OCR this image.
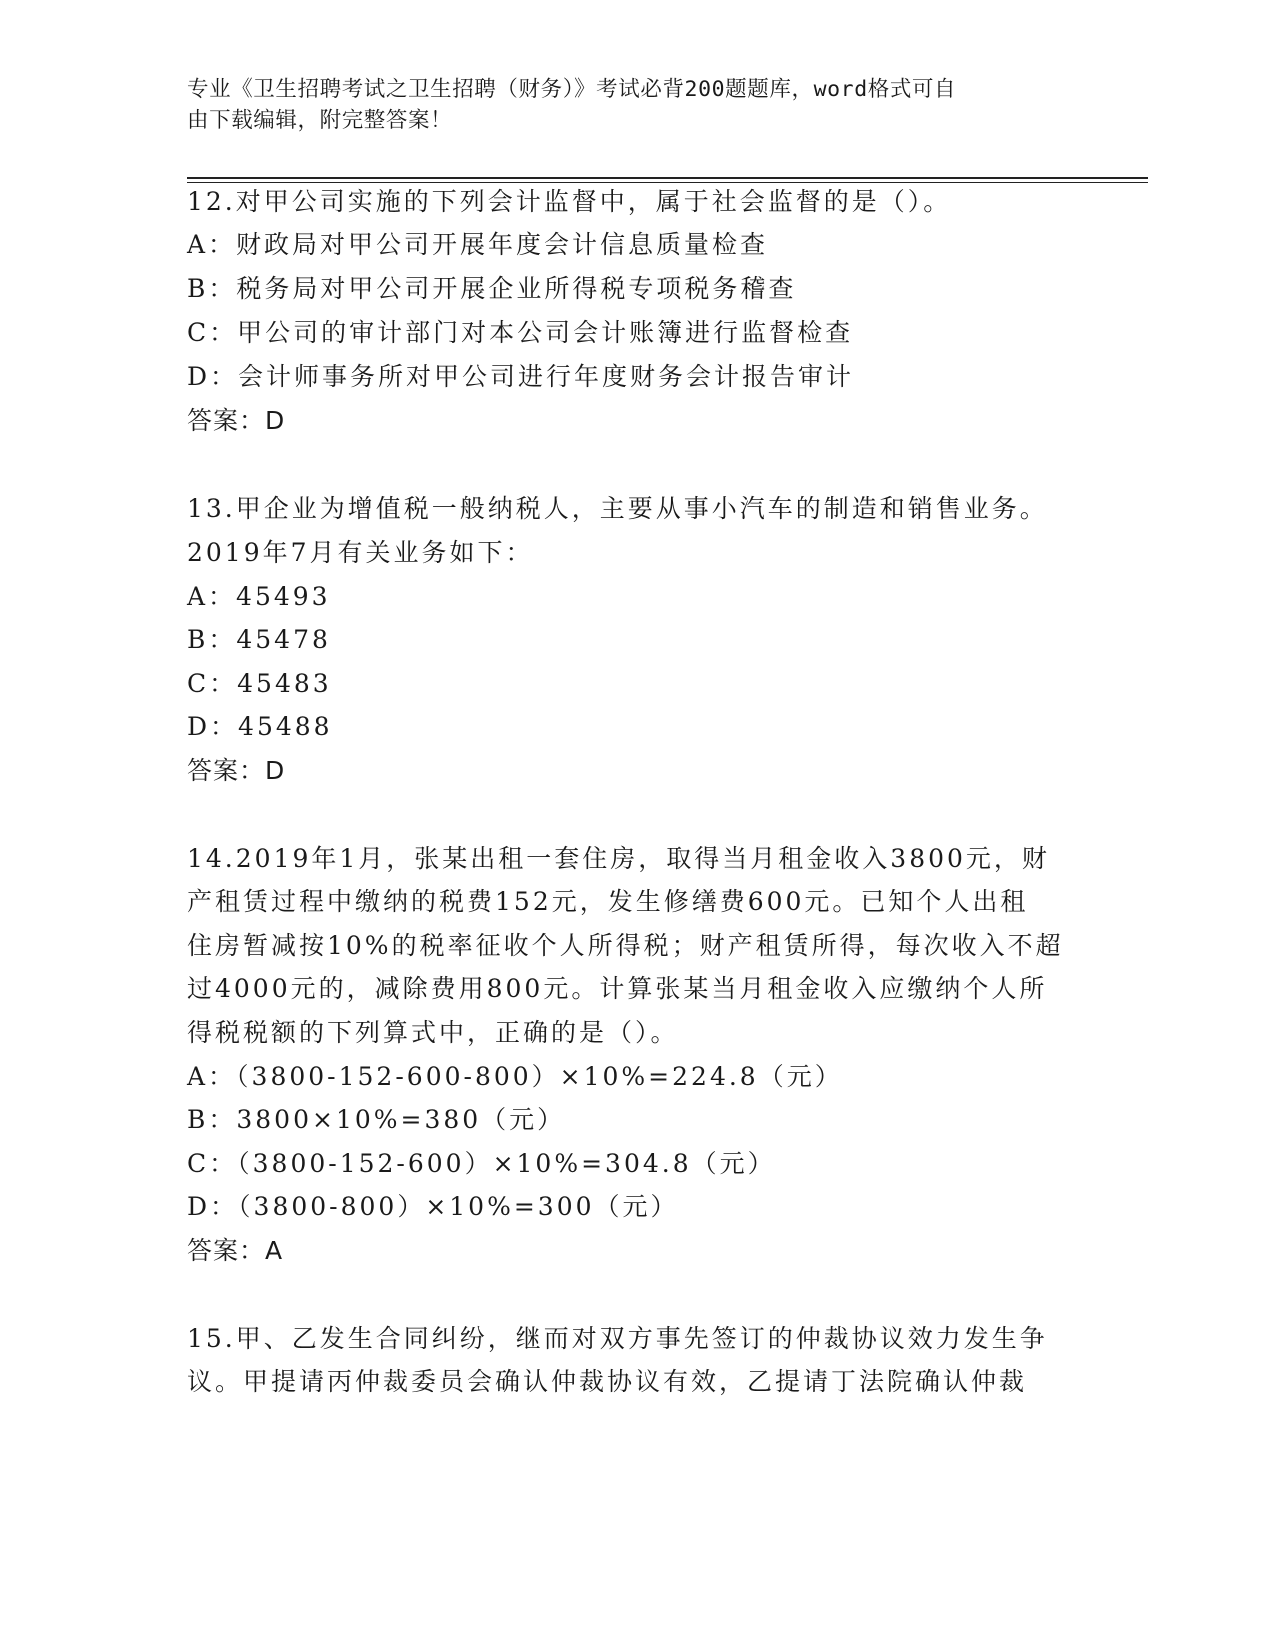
专业《卫生招聘考试之卫生招聘（财务）》考试必背200题题库，word格式可自
由下载编辑，附完整答案！
12.对甲公司实施的下列会计监督中，属于社会监督的是（）。
A：财政局对甲公司开展年度会计信息质量检查
B：税务局对甲公司开展企业所得税专项税务稽查
C：甲公司的审计部门对本公司会计账簿进行监督检查
D：会计师事务所对甲公司进行年度财务会计报告审计
答案：D
13.甲企业为增值税一般纳税人，主要从事小汽车的制造和销售业务。
2019年7月有关业务如下：
A：45493
B：45478
C：45483
D：45488
答案：D
14.2019年1月，张某出租一套住房，取得当月租金收入3800元，财
产租赁过程中缴纳的税费152元，发生修缮费600元。已知个人出租
住房暂减按10%的税率征收个人所得税；财产租赁所得，每次收入不超
过4000元的，减除费用800元。计算张某当月租金收入应缴纳个人所
得税税额的下列算式中，正确的是（）。
A：（3800-152-600-800）×10%=224.8（元）
B：3800×10%=380（元）
C：（3800-152-600）×10%=304.8（元）
D：（3800-800）×10%=300（元）
答案：A
15.甲、乙发生合同纠纷，继而对双方事先签订的仲裁协议效力发生争
议。甲提请丙仲裁委员会确认仲裁协议有效，乙提请丁法院确认仲裁
